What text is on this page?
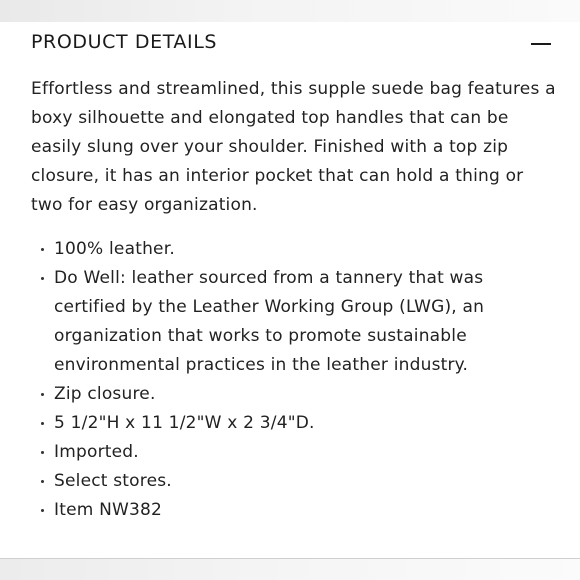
PRODUCT DETAILS

Effortless and streamlined, this supple suede bag features a boxy silhouette and elongated top handles that can be easily slung over your shoulder. Finished with a top zip closure, it has an interior pocket that can hold a thing or two for easy organization.

100% leather.
Do Well: leather sourced from a tannery that was certified by the Leather Working Group (LWG), an organization that works to promote sustainable environmental practices in the leather industry.
Zip closure.
5 1/2"H x 11 1/2"W x 2 3/4"D.
Imported.
Select stores.
Item NW382
